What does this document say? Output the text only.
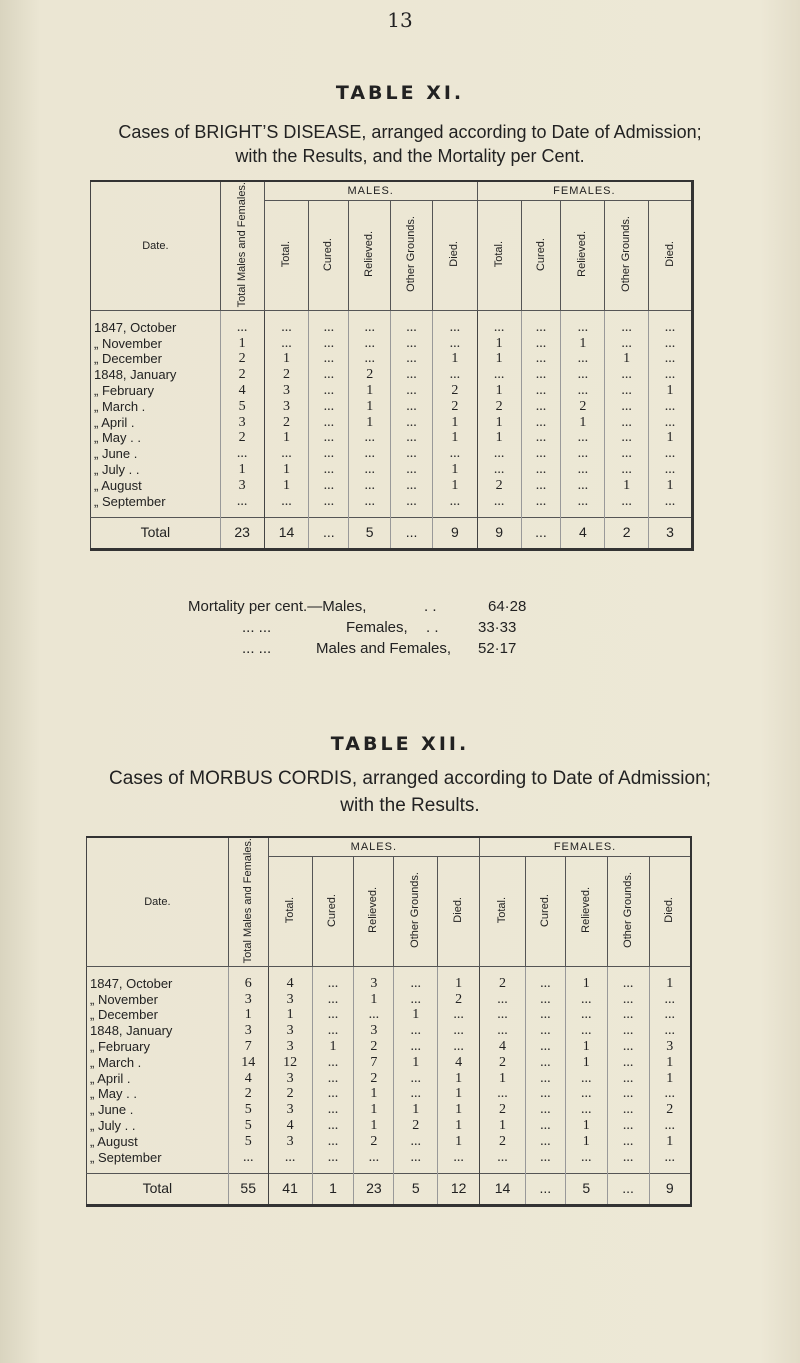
13
TABLE XI.
Cases of BRIGHT’S DISEASE, arranged according to Date of Admission;
with the Results, and the Mortality per Cent.
Date.	Total Males and Females.	MALES.					FEMALES.				
		Total.	Cured.	Relieved.	Other Grounds.	Died.	Total.	Cured.	Relieved.	Other Grounds.	Died.

1847, October	...	...	...	...	...	...	...	...	...	...	...
„ November	1	...	...	...	...	...	1	...	1	...	...
„ December	2	1	...	...	...	1	1	...	...	1	...
1848, January	2	2	...	2	...	...	...	...	...	...	...
„ February	4	3	...	1	...	2	1	...	...	...	1
„ March .	5	3	...	1	...	2	2	...	2	...	...
„ April .	3	2	...	1	...	1	1	...	1	...	...
„ May . .	2	1	...	...	...	1	1	...	...	...	1
„ June .	...	...	...	...	...	...	...	...	...	...	...
„ July . .	1	1	...	...	...	1	...	...	...	...	...
„ August	3	1	...	...	...	1	2	...	...	1	1
„ September	...	...	...	...	...	...	...	...	...	...	...

Total	23	14	...	5	...	9	9	...	4	2	3
Mortality per cent.—Males,	. .	64·28
... ...	Females, . .	33·33
... ...	Males and Females, 52·17
TABLE XII.
Cases of MORBUS CORDIS, arranged according to Date of Admission;
with the Results.
Date.	Total Males and Females.	MALES.					FEMALES.				
		Total.	Cured.	Relieved.	Other Grounds.	Died.	Total.	Cured.	Relieved.	Other Grounds.	Died.

1847, October	6	4	...	3	...	1	2	...	1	...	1
„ November	3	3	...	1	...	2	...	...	...	...	...
„ December	1	1	...	...	1	...	...	...	...	...	...
1848, January	3	3	...	3	...	...	...	...	...	...	...
„ February	7	3	1	2	...	...	4	...	1	...	3
„ March .	14	12	...	7	1	4	2	...	1	...	1
„ April .	4	3	...	2	...	1	1	...	...	...	1
„ May . .	2	2	...	1	...	1	...	...	...	...	...
„ June .	5	3	...	1	1	1	2	...	...	...	2
„ July . .	5	4	...	1	2	1	1	...	1	...	...
„ August	5	3	...	2	...	1	2	...	1	...	1
„ September	...	...	...	...	...	...	...	...	...	...	...

Total	55	41	1	23	5	12	14	...	5	...	9
